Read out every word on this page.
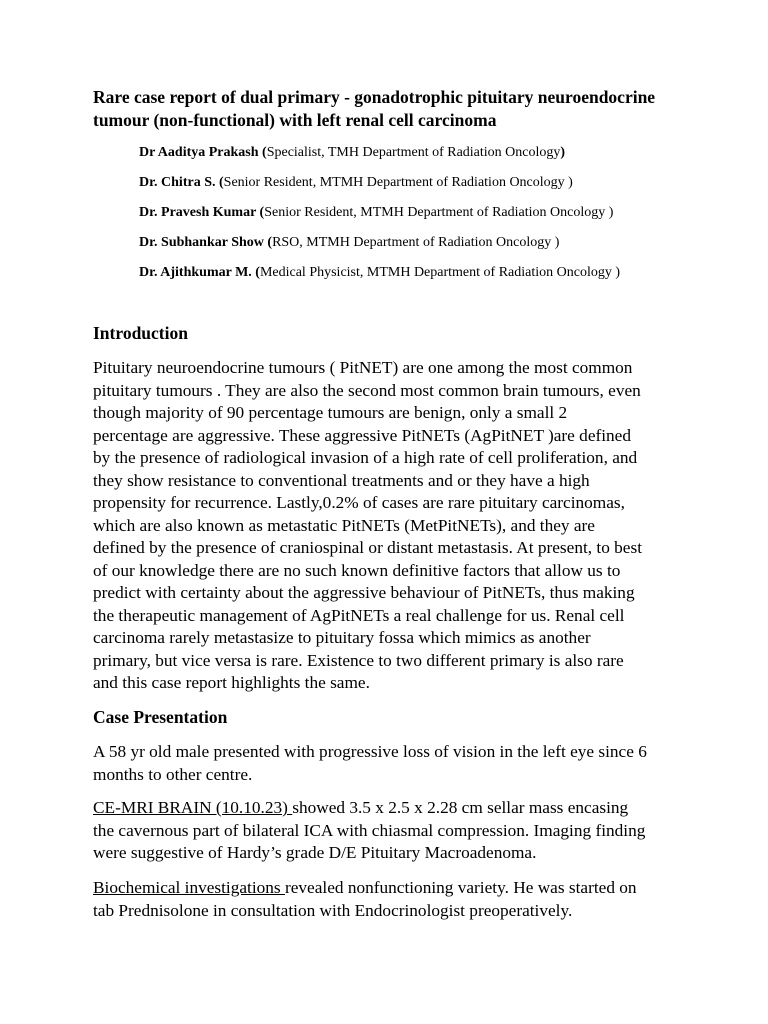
Rare case report of dual primary - gonadotrophic pituitary neuroendocrine tumour (non-functional) with left renal cell carcinoma

Dr Aaditya Prakash (Specialist, TMH Department of Radiation Oncology)
Dr. Chitra S. (Senior Resident, MTMH Department of Radiation Oncology )
Dr. Pravesh Kumar (Senior Resident, MTMH Department of Radiation Oncology )
Dr. Subhankar Show (RSO, MTMH Department of Radiation Oncology )
Dr. Ajithkumar M. (Medical Physicist, MTMH Department of Radiation Oncology )
Introduction
Pituitary neuroendocrine tumours ( PitNET) are one among the most common
pituitary tumours . They are also the second most common brain tumours, even
though majority of 90 percentage tumours are benign, only a small 2
percentage are aggressive. These aggressive PitNETs (AgPitNET )are defined
by the presence of radiological invasion of a high rate of cell proliferation, and
they show resistance to conventional treatments and or they have a high
propensity for recurrence. Lastly,0.2% of cases are rare pituitary carcinomas,
which are also known as metastatic PitNETs (MetPitNETs), and they are
defined by the presence of craniospinal or distant metastasis. At present, to best
of our knowledge there are no such known definitive factors that allow us to
predict with certainty about the aggressive behaviour of PitNETs, thus making
the therapeutic management of AgPitNETs a real challenge for us. Renal cell
carcinoma rarely metastasize to pituitary fossa which mimics as another
primary, but vice versa is rare. Existence to two different primary is also rare
and this case report highlights the same.
Case Presentation
A 58 yr old male presented with progressive loss of vision in the left eye since 6
months to other centre.
CE-MRI BRAIN (10.10.23) showed 3.5 x 2.5 x 2.28 cm sellar mass encasing
the cavernous part of bilateral ICA with chiasmal compression. Imaging finding
were suggestive of Hardy’s grade D/E Pituitary Macroadenoma.
Biochemical investigations revealed nonfunctioning variety. He was started on
tab Prednisolone in consultation with Endocrinologist preoperatively.
